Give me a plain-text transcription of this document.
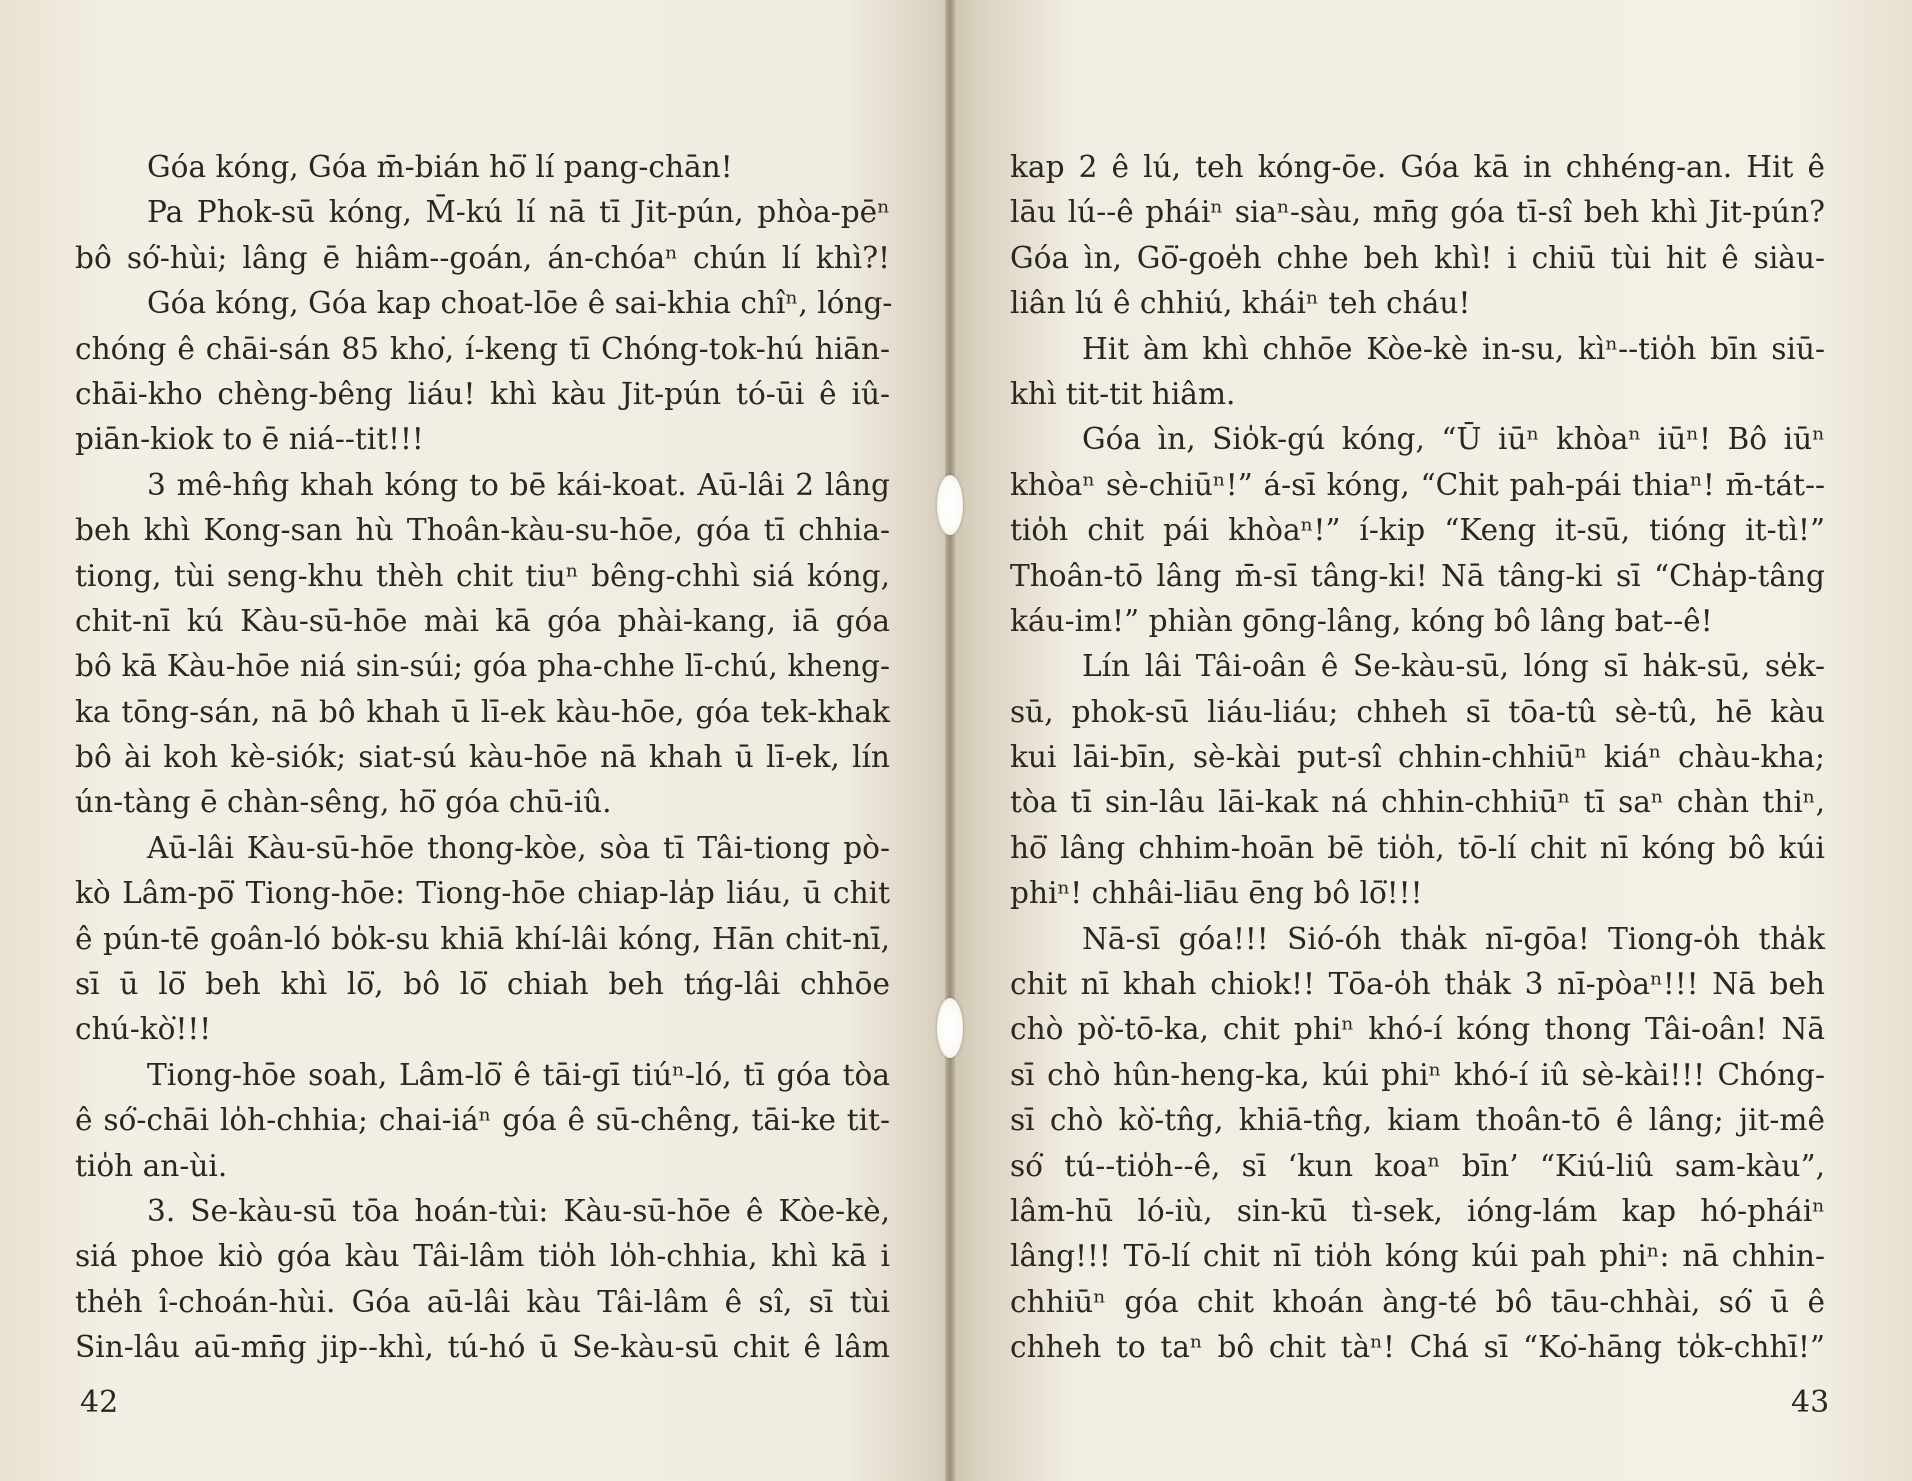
Góa kóng, Góa m̄-bián hō͘ lí pang-chān!
Pa Phok-sū kóng, M̄-kú lí nā tī Jit-pún, phòa-pēⁿ
bô só͘-hùi; lâng ē hiâm--goán, án-chóaⁿ chún lí khì?!
Góa kóng, Góa kap choat-lōe ê sai-khia chîⁿ, lóng-
chóng ê chāi-sán 85 kho͘, í-keng tī Chóng-tok-hú hiān-
chāi-kho chèng-bêng liáu! khì kàu Jit-pún tó-ūi ê iû-
piān-kiok to ē niá--tit!!!
3 mê-hn̂g khah kóng to bē kái-koat. Aū-lâi 2 lâng
beh khì Kong-san hù Thoân-kàu-su-hōe, góa tī chhia-
tiong, tùi seng-khu thèh chit tiuⁿ bêng-chhì siá kóng,
chit-nī kú Kàu-sū-hōe mài kā góa phài-kang, iā góa
bô kā Kàu-hōe niá sin-súi; góa pha-chhe lī-chú, kheng-
ka tōng-sán, nā bô khah ū lī-ek kàu-hōe, góa tek-khak
bô ài koh kè-siók; siat-sú kàu-hōe nā khah ū lī-ek, lín
ún-tàng ē chàn-sêng, hō͘ góa chū-iû.
Aū-lâi Kàu-sū-hōe thong-kòe, sòa tī Tâi-tiong pò-
kò Lâm-pō͘ Tiong-hōe: Tiong-hōe chiap-la̍p liáu, ū chit
ê pún-tē goân-ló bo̍k-su khiā khí-lâi kóng, Hān chit-nī,
sī ū lō͘ beh khì lō͘, bô lō͘ chiah beh tńg-lâi chhōe
chú-kò͘!!!
Tiong-hōe soah, Lâm-lō͘ ê tāi-gī tiúⁿ-ló, tī góa tòa
ê só͘-chāi lo̍h-chhia; chai-iáⁿ góa ê sū-chêng, tāi-ke tit-
tio̍h an-ùi.
3. Se-kàu-sū tōa hoán-tùi: Kàu-sū-hōe ê Kòe-kè,
siá phoe kiò góa kàu Tâi-lâm tio̍h lo̍h-chhia, khì kā i
the̍h î-choán-hùi. Góa aū-lâi kàu Tâi-lâm ê sî, sī tùi
Sin-lâu aū-mn̄g jip--khì, tú-hó ū Se-kàu-sū chit ê lâm
42
kap 2 ê lú, teh kóng-ōe. Góa kā in chhéng-an. Hit ê
lāu lú--ê pháiⁿ siaⁿ-sàu, mn̄g góa tī-sî beh khì Jit-pún?
Góa ìn, Gō͘-goe̍h chhe beh khì! i chiū tùi hit ê siàu-
liân lú ê chhiú, kháiⁿ teh cháu!
Hit àm khì chhōe Kòe-kè in-su, kìⁿ--tio̍h bīn siū-
khì tit-tit hiâm.
Góa ìn, Sio̍k-gú kóng, “Ū iūⁿ khòaⁿ iūⁿ! Bô iūⁿ
khòaⁿ sè-chiūⁿ!” á-sī kóng, “Chit pah-pái thiaⁿ! m̄-tát--
tio̍h chit pái khòaⁿ!” í-kip “Keng it-sū, tióng it-tì!”
Thoân-tō lâng m̄-sī tâng-ki! Nā tâng-ki sī “Cha̍p-tâng
káu-im!” phiàn gōng-lâng, kóng bô lâng bat--ê!
Lín lâi Tâi-oân ê Se-kàu-sū, lóng sī ha̍k-sū, se̍k-
sū, phok-sū liáu-liáu; chheh sī tōa-tû sè-tû, hē kàu
kui lāi-bīn, sè-kài put-sî chhin-chhiūⁿ kiáⁿ chàu-kha;
tòa tī sin-lâu lāi-kak ná chhin-chhiūⁿ tī saⁿ chàn thiⁿ,
hō͘ lâng chhim-hoān bē tio̍h, tō-lí chit nī kóng bô kúi
phiⁿ! chhâi-liāu ēng bô lō͘!!!
Nā-sī góa!!! Sió-óh tha̍k nī-gōa! Tiong-o̍h tha̍k
chit nī khah chiok!! Tōa-o̍h tha̍k 3 nī-pòaⁿ!!! Nā beh
chò pò͘-tō-ka, chit phiⁿ khó-í kóng thong Tâi-oân! Nā
sī chò hûn-heng-ka, kúi phiⁿ khó-í iû sè-kài!!! Chóng-
sī chò kò͘-tn̂g, khiā-tn̂g, kiam thoân-tō ê lâng; jit-mê
só͘ tú--tio̍h--ê, sī ‘kun koaⁿ bīn’ “Kiú-liû sam-kàu”,
lâm-hū ló-iù, sin-kū tì-sek, ióng-lám kap hó-pháiⁿ
lâng!!! Tō-lí chit nī tio̍h kóng kúi pah phiⁿ: nā chhin-
chhiūⁿ góa chit khoán àng-té bô tāu-chhài, só͘ ū ê
chheh to taⁿ bô chit tàⁿ! Chá sī “Ko͘-hāng to̍k-chhī!”
43
